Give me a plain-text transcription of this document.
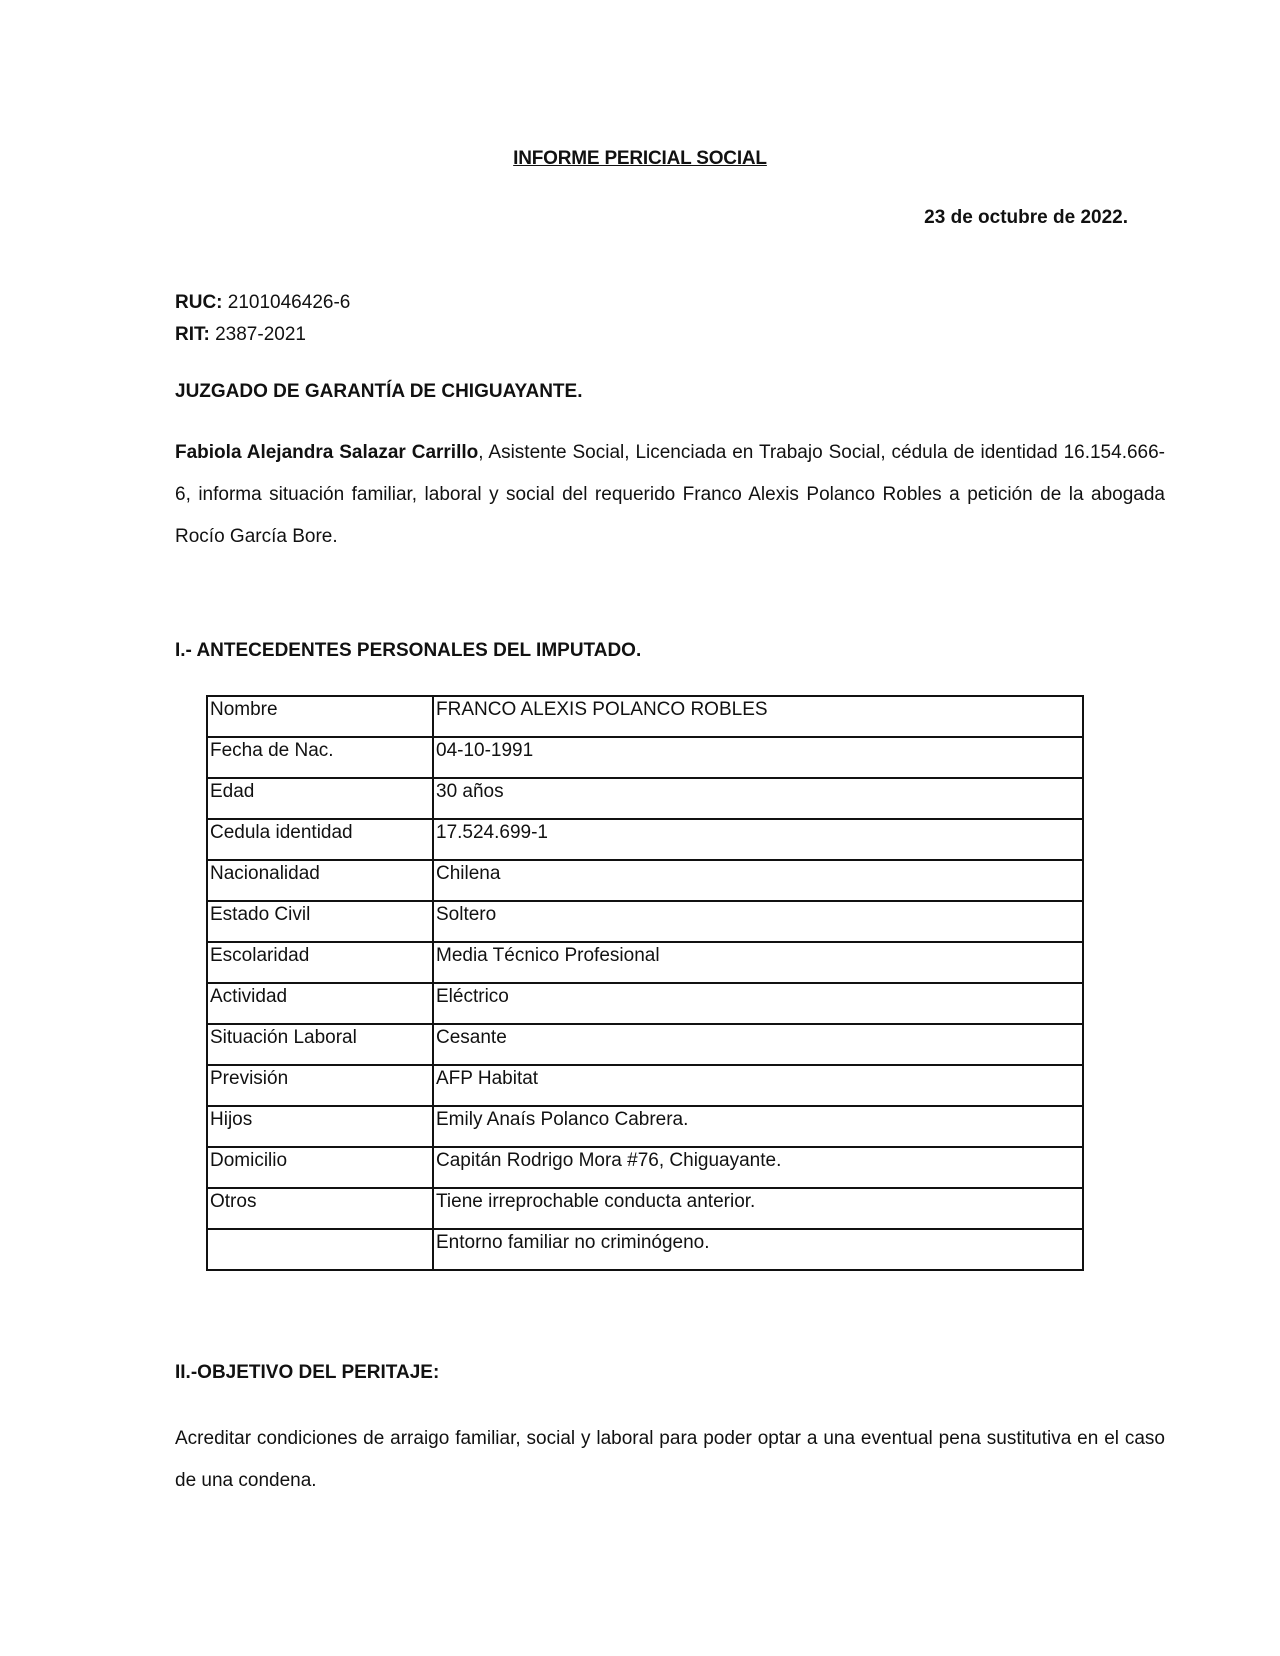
INFORME PERICIAL SOCIAL
23 de octubre de 2022.
RUC: 2101046426-6
RIT: 2387-2021
JUZGADO DE GARANTÍA DE CHIGUAYANTE.
Fabiola Alejandra Salazar Carrillo, Asistente Social, Licenciada en Trabajo Social, cédula de identidad 16.154.666-6, informa situación familiar, laboral y social del requerido Franco Alexis Polanco Robles a petición de la abogada Rocío García Bore.
I.- ANTECEDENTES PERSONALES DEL IMPUTADO.
Nombre	FRANCO ALEXIS POLANCO ROBLES
Fecha de Nac.	04-10-1991
Edad	30 años
Cedula identidad	17.524.699-1
Nacionalidad	Chilena
Estado Civil	Soltero
Escolaridad	Media Técnico Profesional
Actividad	Eléctrico
Situación Laboral	Cesante
Previsión	AFP Habitat
Hijos	Emily Anaís Polanco Cabrera.
Domicilio	Capitán Rodrigo Mora #76, Chiguayante.
Otros	Tiene irreprochable conducta anterior.
	Entorno familiar no criminógeno.
II.-OBJETIVO DEL PERITAJE:
Acreditar condiciones de arraigo familiar, social y laboral para poder optar a una eventual pena sustitutiva en el caso de una condena.
